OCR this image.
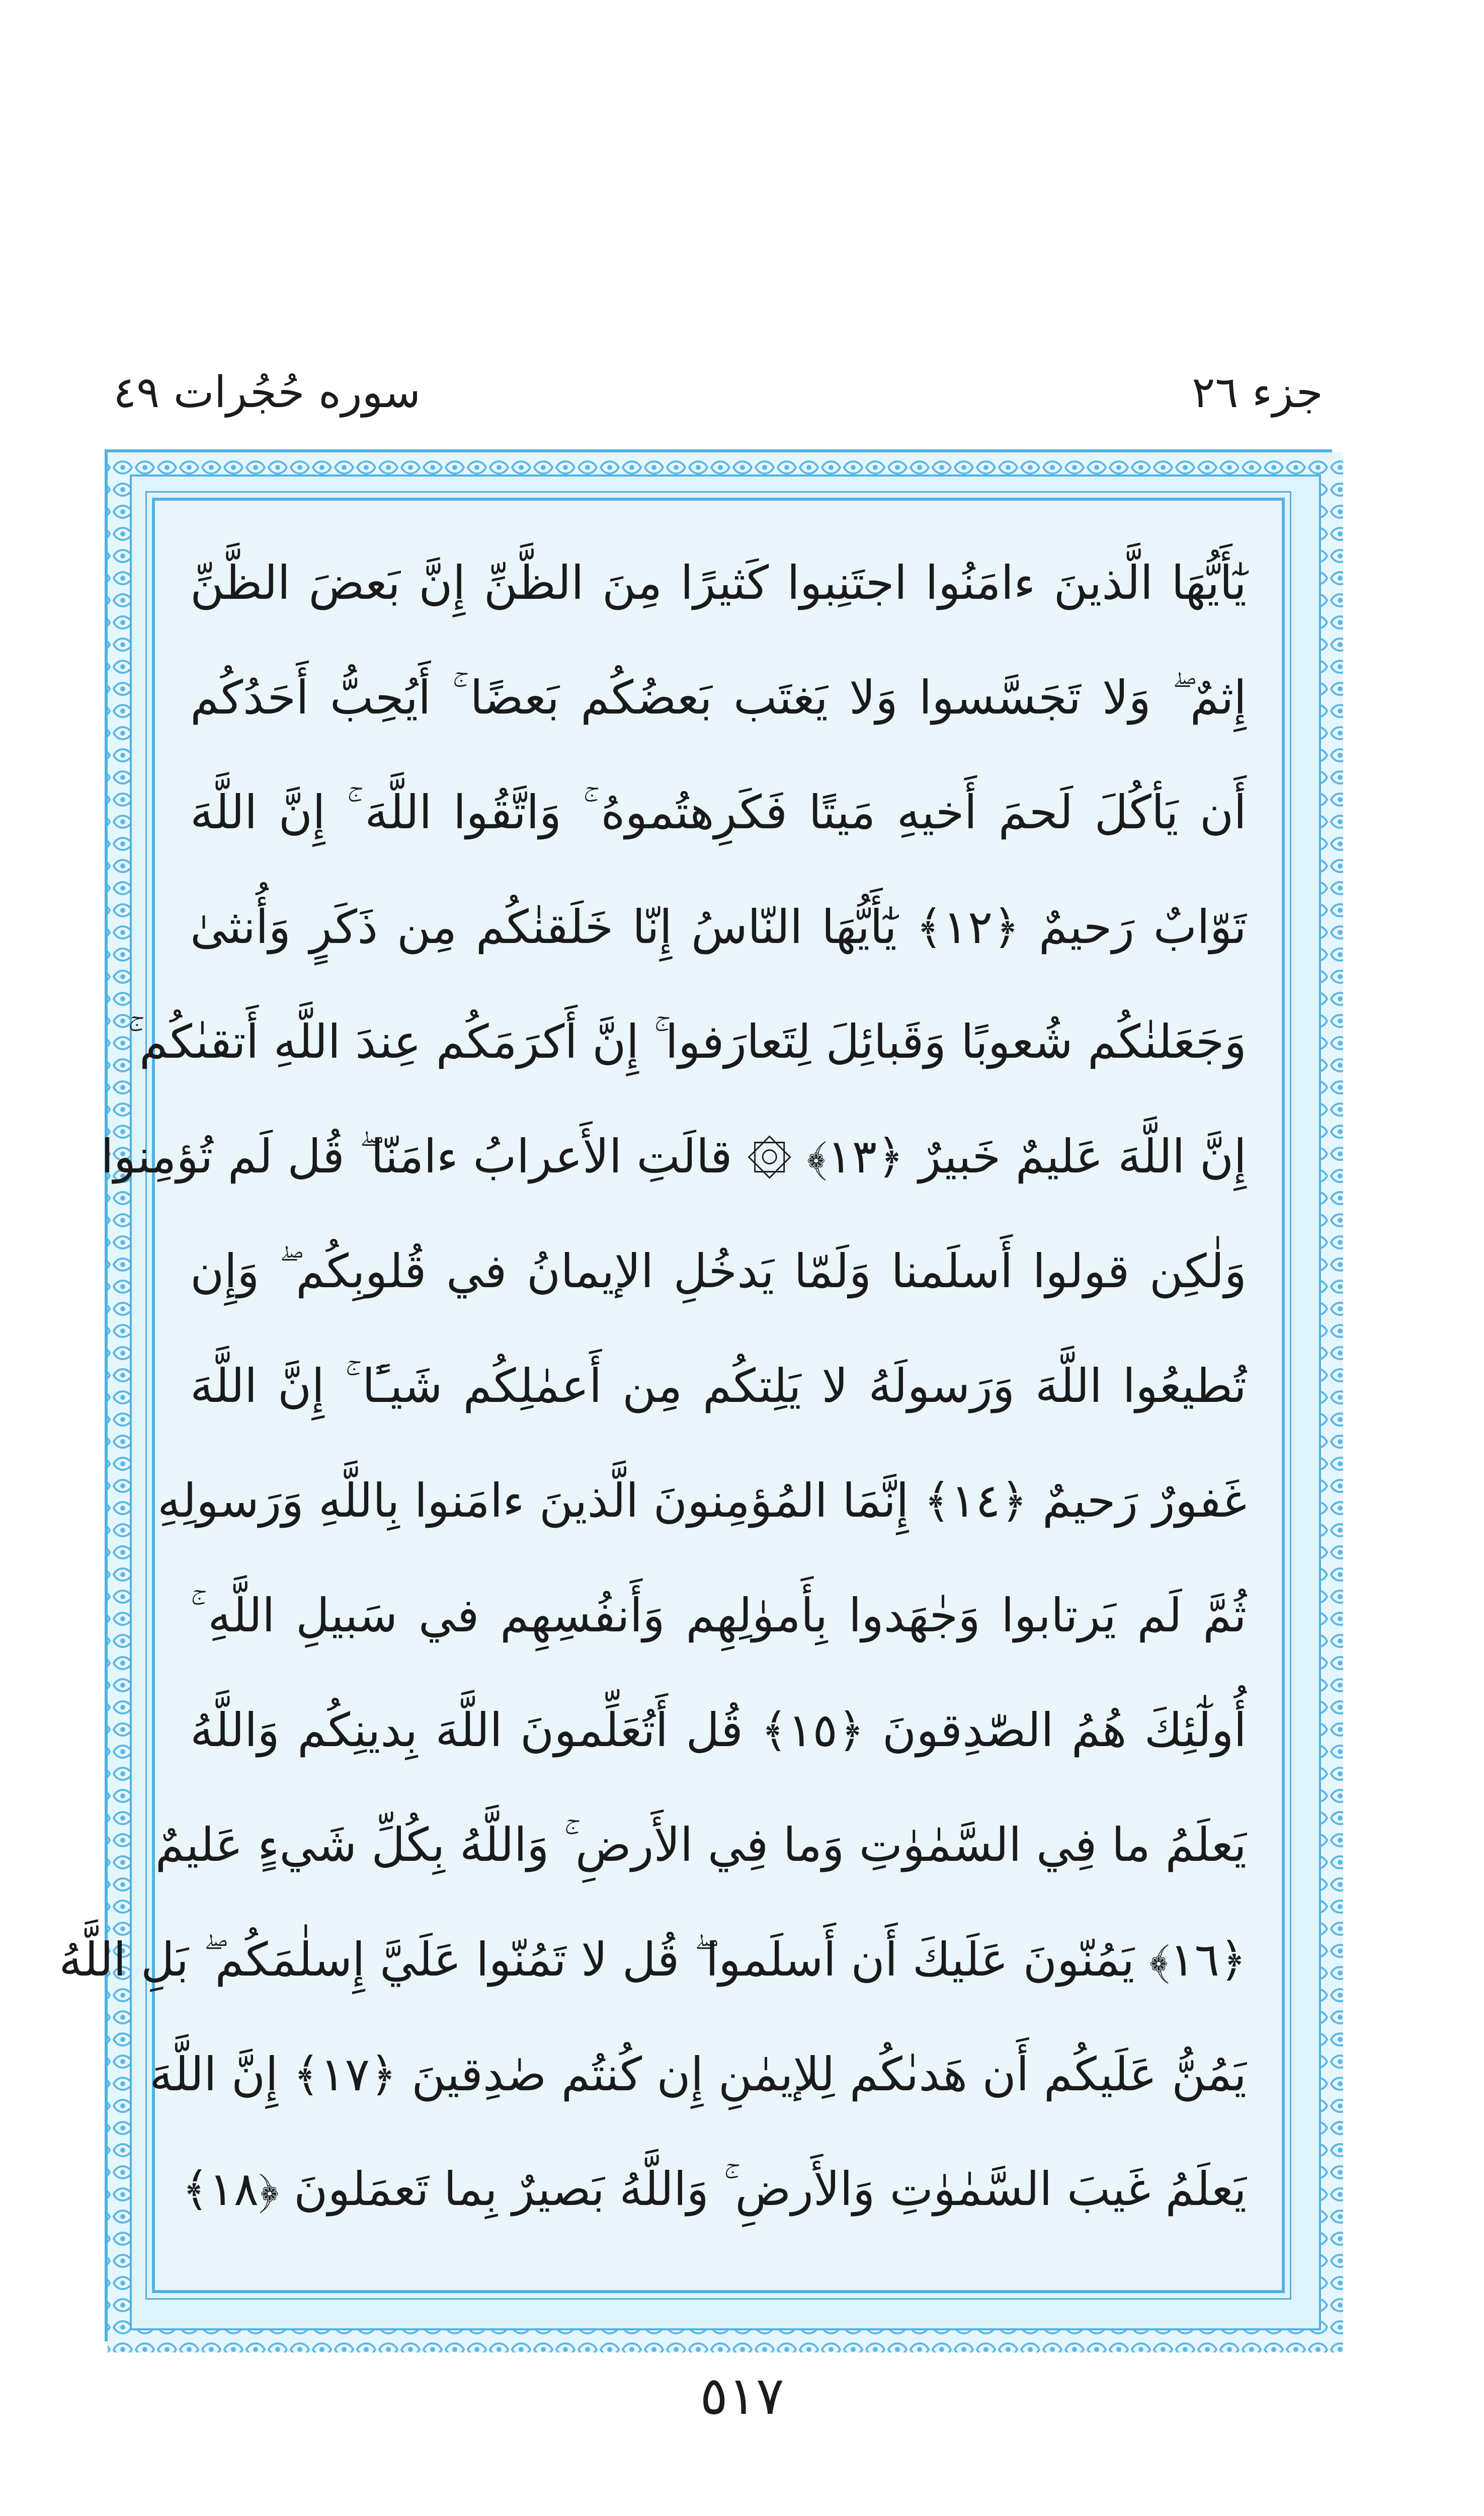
جزء ٢٦
سوره حُجُرات ٤٩
يٰٓأَيُّهَا الَّذينَ ءامَنُوا اجتَنِبوا كَثيرًا مِنَ الظَّنِّ إِنَّ بَعضَ الظَّنِّ
إِثمٌ ۖ وَلا تَجَسَّسوا وَلا يَغتَب بَعضُكُم بَعضًا ۚ أَيُحِبُّ أَحَدُكُم
أَن يَأكُلَ لَحمَ أَخيهِ مَيتًا فَكَرِهتُموهُ ۚ وَاتَّقُوا اللَّهَ ۚ إِنَّ اللَّهَ
تَوّابٌ رَحيمٌ ﴿١٢﴾ يٰٓأَيُّهَا النّاسُ إِنّا خَلَقنٰكُم مِن ذَكَرٍ وَأُنثىٰ
وَجَعَلنٰكُم شُعوبًا وَقَبائِلَ لِتَعارَفوا ۚ إِنَّ أَكرَمَكُم عِندَ اللَّهِ أَتقىٰكُم ۚ
إِنَّ اللَّهَ عَليمٌ خَبيرٌ ﴿١٣﴾ ۞ قالَتِ الأَعرابُ ءامَنّا ۖ قُل لَم تُؤمِنوا
وَلٰكِن قولوا أَسلَمنا وَلَمّا يَدخُلِ الإيمانُ في قُلوبِكُم ۖ وَإِن
تُطيعُوا اللَّهَ وَرَسولَهُ لا يَلِتكُم مِن أَعمٰلِكُم شَيـًٔا ۚ إِنَّ اللَّهَ
غَفورٌ رَحيمٌ ﴿١٤﴾ إِنَّمَا المُؤمِنونَ الَّذينَ ءامَنوا بِاللَّهِ وَرَسولِهِ
ثُمَّ لَم يَرتابوا وَجٰهَدوا بِأَموٰلِهِم وَأَنفُسِهِم في سَبيلِ اللَّهِ ۚ
أُولٰٓئِكَ هُمُ الصّٰدِقونَ ﴿١٥﴾ قُل أَتُعَلِّمونَ اللَّهَ بِدينِكُم وَاللَّهُ
يَعلَمُ ما فِي السَّمٰوٰتِ وَما فِي الأَرضِ ۚ وَاللَّهُ بِكُلِّ شَيءٍ عَليمٌ
﴿١٦﴾ يَمُنّونَ عَلَيكَ أَن أَسلَموا ۖ قُل لا تَمُنّوا عَلَيَّ إِسلٰمَكُم ۖ بَلِ اللَّهُ
يَمُنُّ عَلَيكُم أَن هَدىٰكُم لِلإيمٰنِ إِن كُنتُم صٰدِقينَ ﴿١٧﴾ إِنَّ اللَّهَ
يَعلَمُ غَيبَ السَّمٰوٰتِ وَالأَرضِ ۚ وَاللَّهُ بَصيرٌ بِما تَعمَلونَ ﴿١٨﴾
٥١٧
